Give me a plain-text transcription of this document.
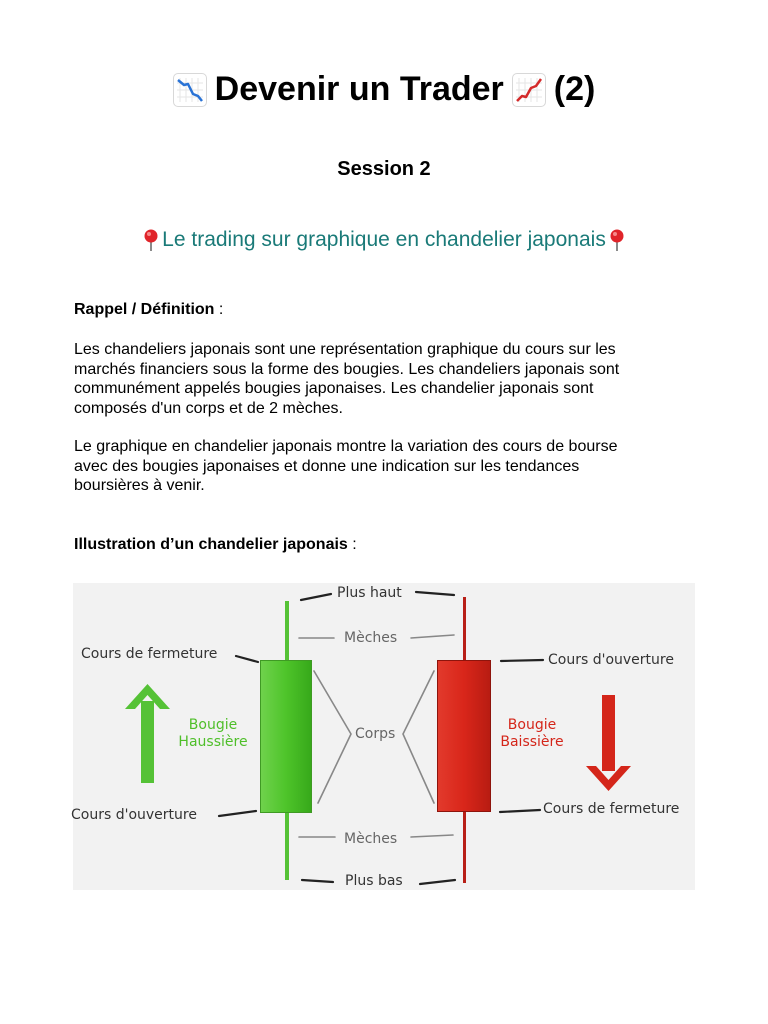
Devenir un Trader (2)
Session 2
Le trading sur graphique en chandelier japonais
Rappel / Définition :
Les chandeliers japonais sont une représentation graphique du cours sur les
marchés financiers sous la forme des bougies. Les chandeliers japonais sont
communément appelés bougies japonaises. Les chandelier japonais sont
composés d'un corps et de 2 mèches.
Le graphique en chandelier japonais montre la variation des cours de bourse
avec des bougies japonaises et donne une indication sur les tendances
boursières à venir.
Illustration d’un chandelier japonais :
Plus haut
Mèches
Cours de fermeture	Cours d'ouverture
Corps
Cours de fermeture
Cours d'ouverture
Mèches
Plus bas
Bougie
Haussière
Bougie
Baissière
